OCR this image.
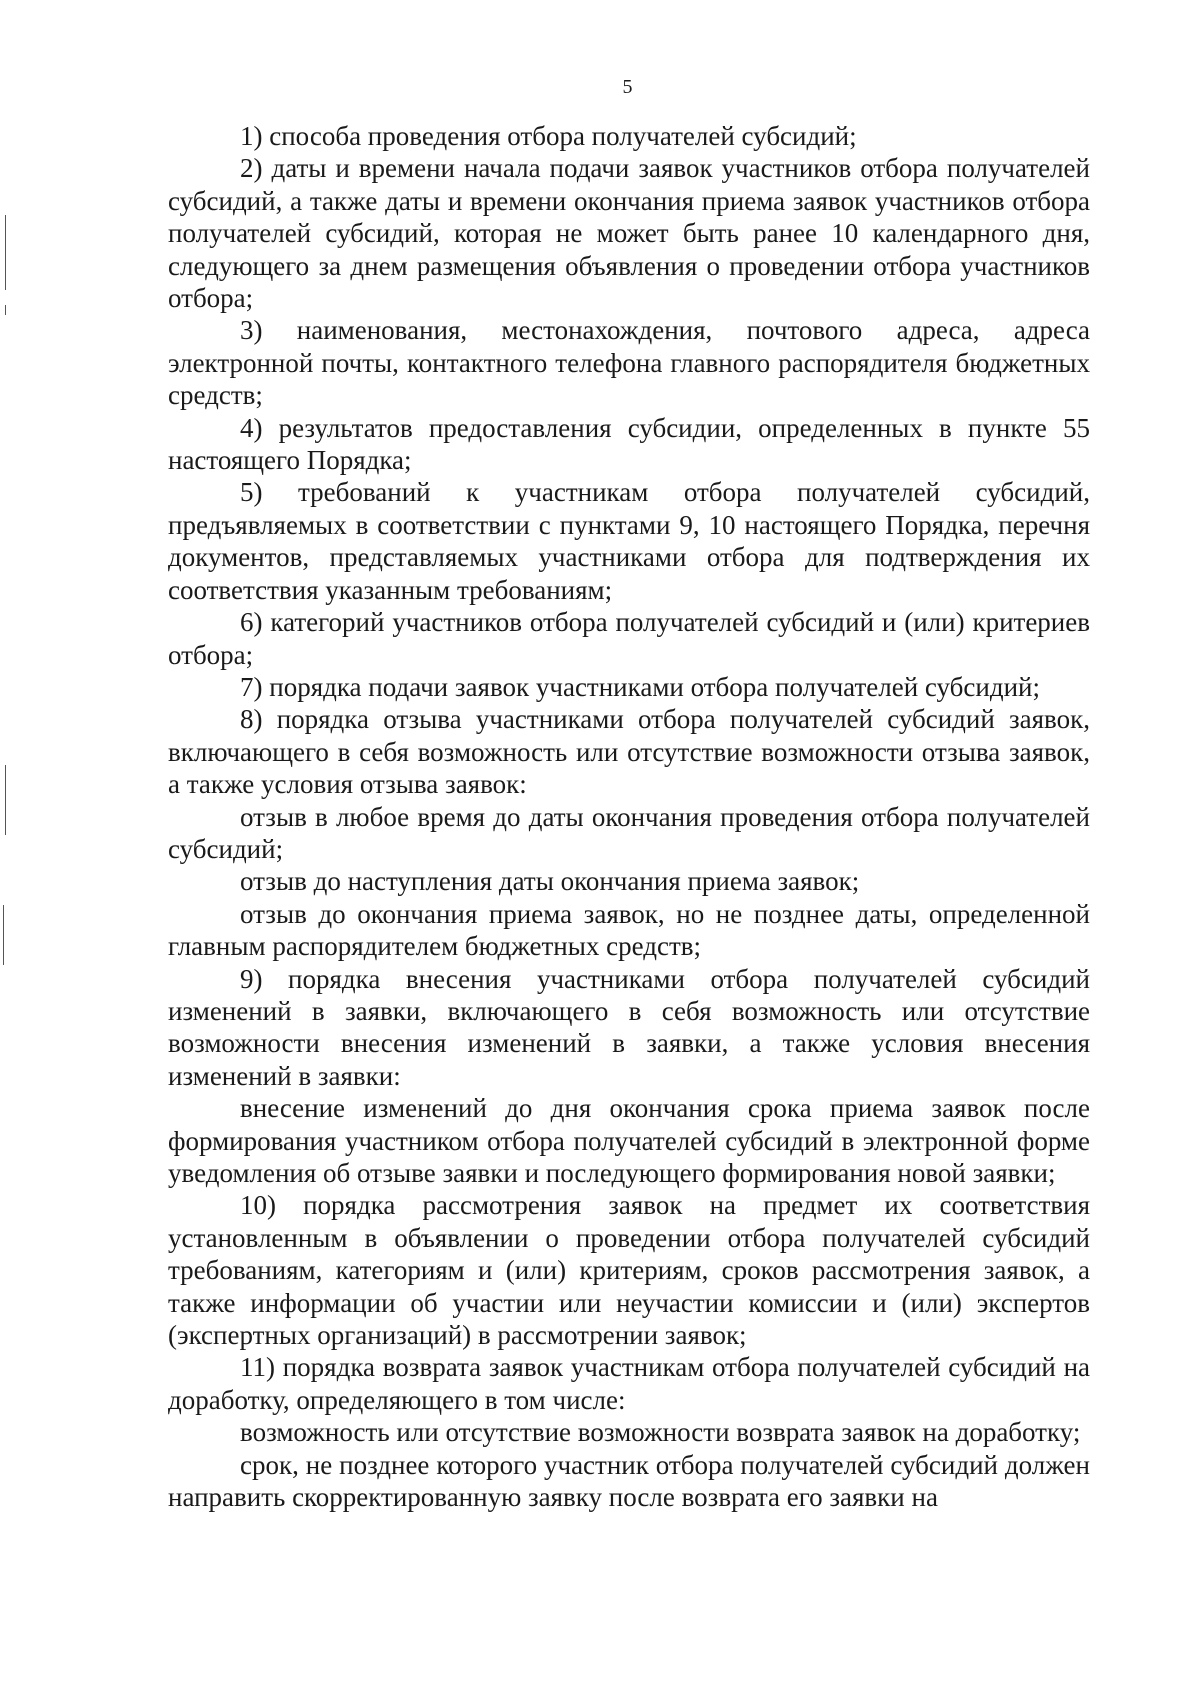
5

1) способа проведения отбора получателей субсидий;

2) даты и времени начала подачи заявок участников отбора получателей субсидий, а также даты и времени окончания приема заявок участников отбора получателей субсидий, которая не может быть ранее 10 календарного дня, следующего за днем размещения объявления о проведении отбора участников отбора;

3) наименования, местонахождения, почтового адреса, адреса электронной почты, контактного телефона главного распорядителя бюджетных средств;

4) результатов предоставления субсидии, определенных в пункте 55 настоящего Порядка;

5) требований к участникам отбора получателей субсидий, предъявляемых в соответствии с пунктами 9, 10 настоящего Порядка, перечня документов, представляемых участниками отбора для подтверждения их соответствия указанным требованиям;

6) категорий участников отбора получателей субсидий и (или) критериев отбора;

7) порядка подачи заявок участниками отбора получателей субсидий;

8) порядка отзыва участниками отбора получателей субсидий заявок, включающего в себя возможность или отсутствие возможности отзыва заявок, а также условия отзыва заявок:

отзыв в любое время до даты окончания проведения отбора получателей субсидий;

отзыв до наступления даты окончания приема заявок;

отзыв до окончания приема заявок, но не позднее даты, определенной главным распорядителем бюджетных средств;

9) порядка внесения участниками отбора получателей субсидий изменений в заявки, включающего в себя возможность или отсутствие возможности внесения изменений в заявки, а также условия внесения изменений в заявки:

внесение изменений до дня окончания срока приема заявок после формирования участником отбора получателей субсидий в электронной форме уведомления об отзыве заявки и последующего формирования новой заявки;

10) порядка рассмотрения заявок на предмет их соответствия установленным в объявлении о проведении отбора получателей субсидий требованиям, категориям и (или) критериям, сроков рассмотрения заявок, а также информации об участии или неучастии комиссии и (или) экспертов (экспертных организаций) в рассмотрении заявок;

11) порядка возврата заявок участникам отбора получателей субсидий на доработку, определяющего в том числе:

возможность или отсутствие возможности возврата заявок на доработку;

срок, не позднее которого участник отбора получателей субсидий должен направить скорректированную заявку после возврата его заявки на
